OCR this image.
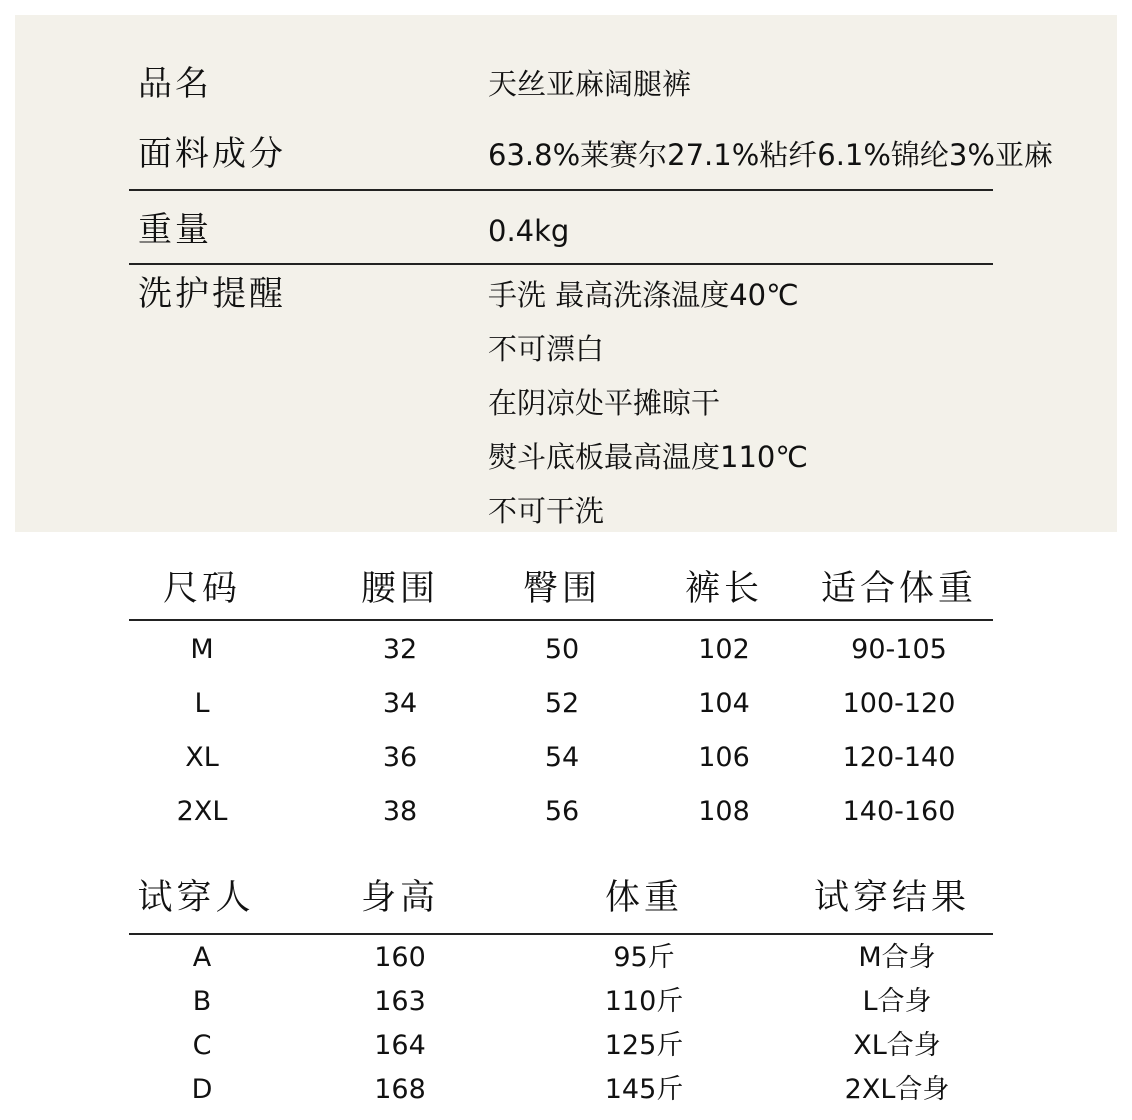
品名	天丝亚麻阔腿裤
面料成分	63.8%莱赛尔27.1%粘纤6.1%锦纶3%亚麻
重量	0.4kg
洗护提醒	手洗 最高洗涤温度40℃
不可漂白
在阴凉处平摊晾干
熨斗底板最高温度110℃
不可干洗
尺码	腰围 臀围 裤长 适合体重
M	32	50	102	90-105
L	34	52	104	100-120
XL	36	54	106	120-140
2XL	38	56	108	140-160
试穿人	身高	体重	试穿结果
A	160	95斤	M合身
B	163	110斤	L合身
C	164	125斤	XL合身
D	168	145斤	2XL合身
